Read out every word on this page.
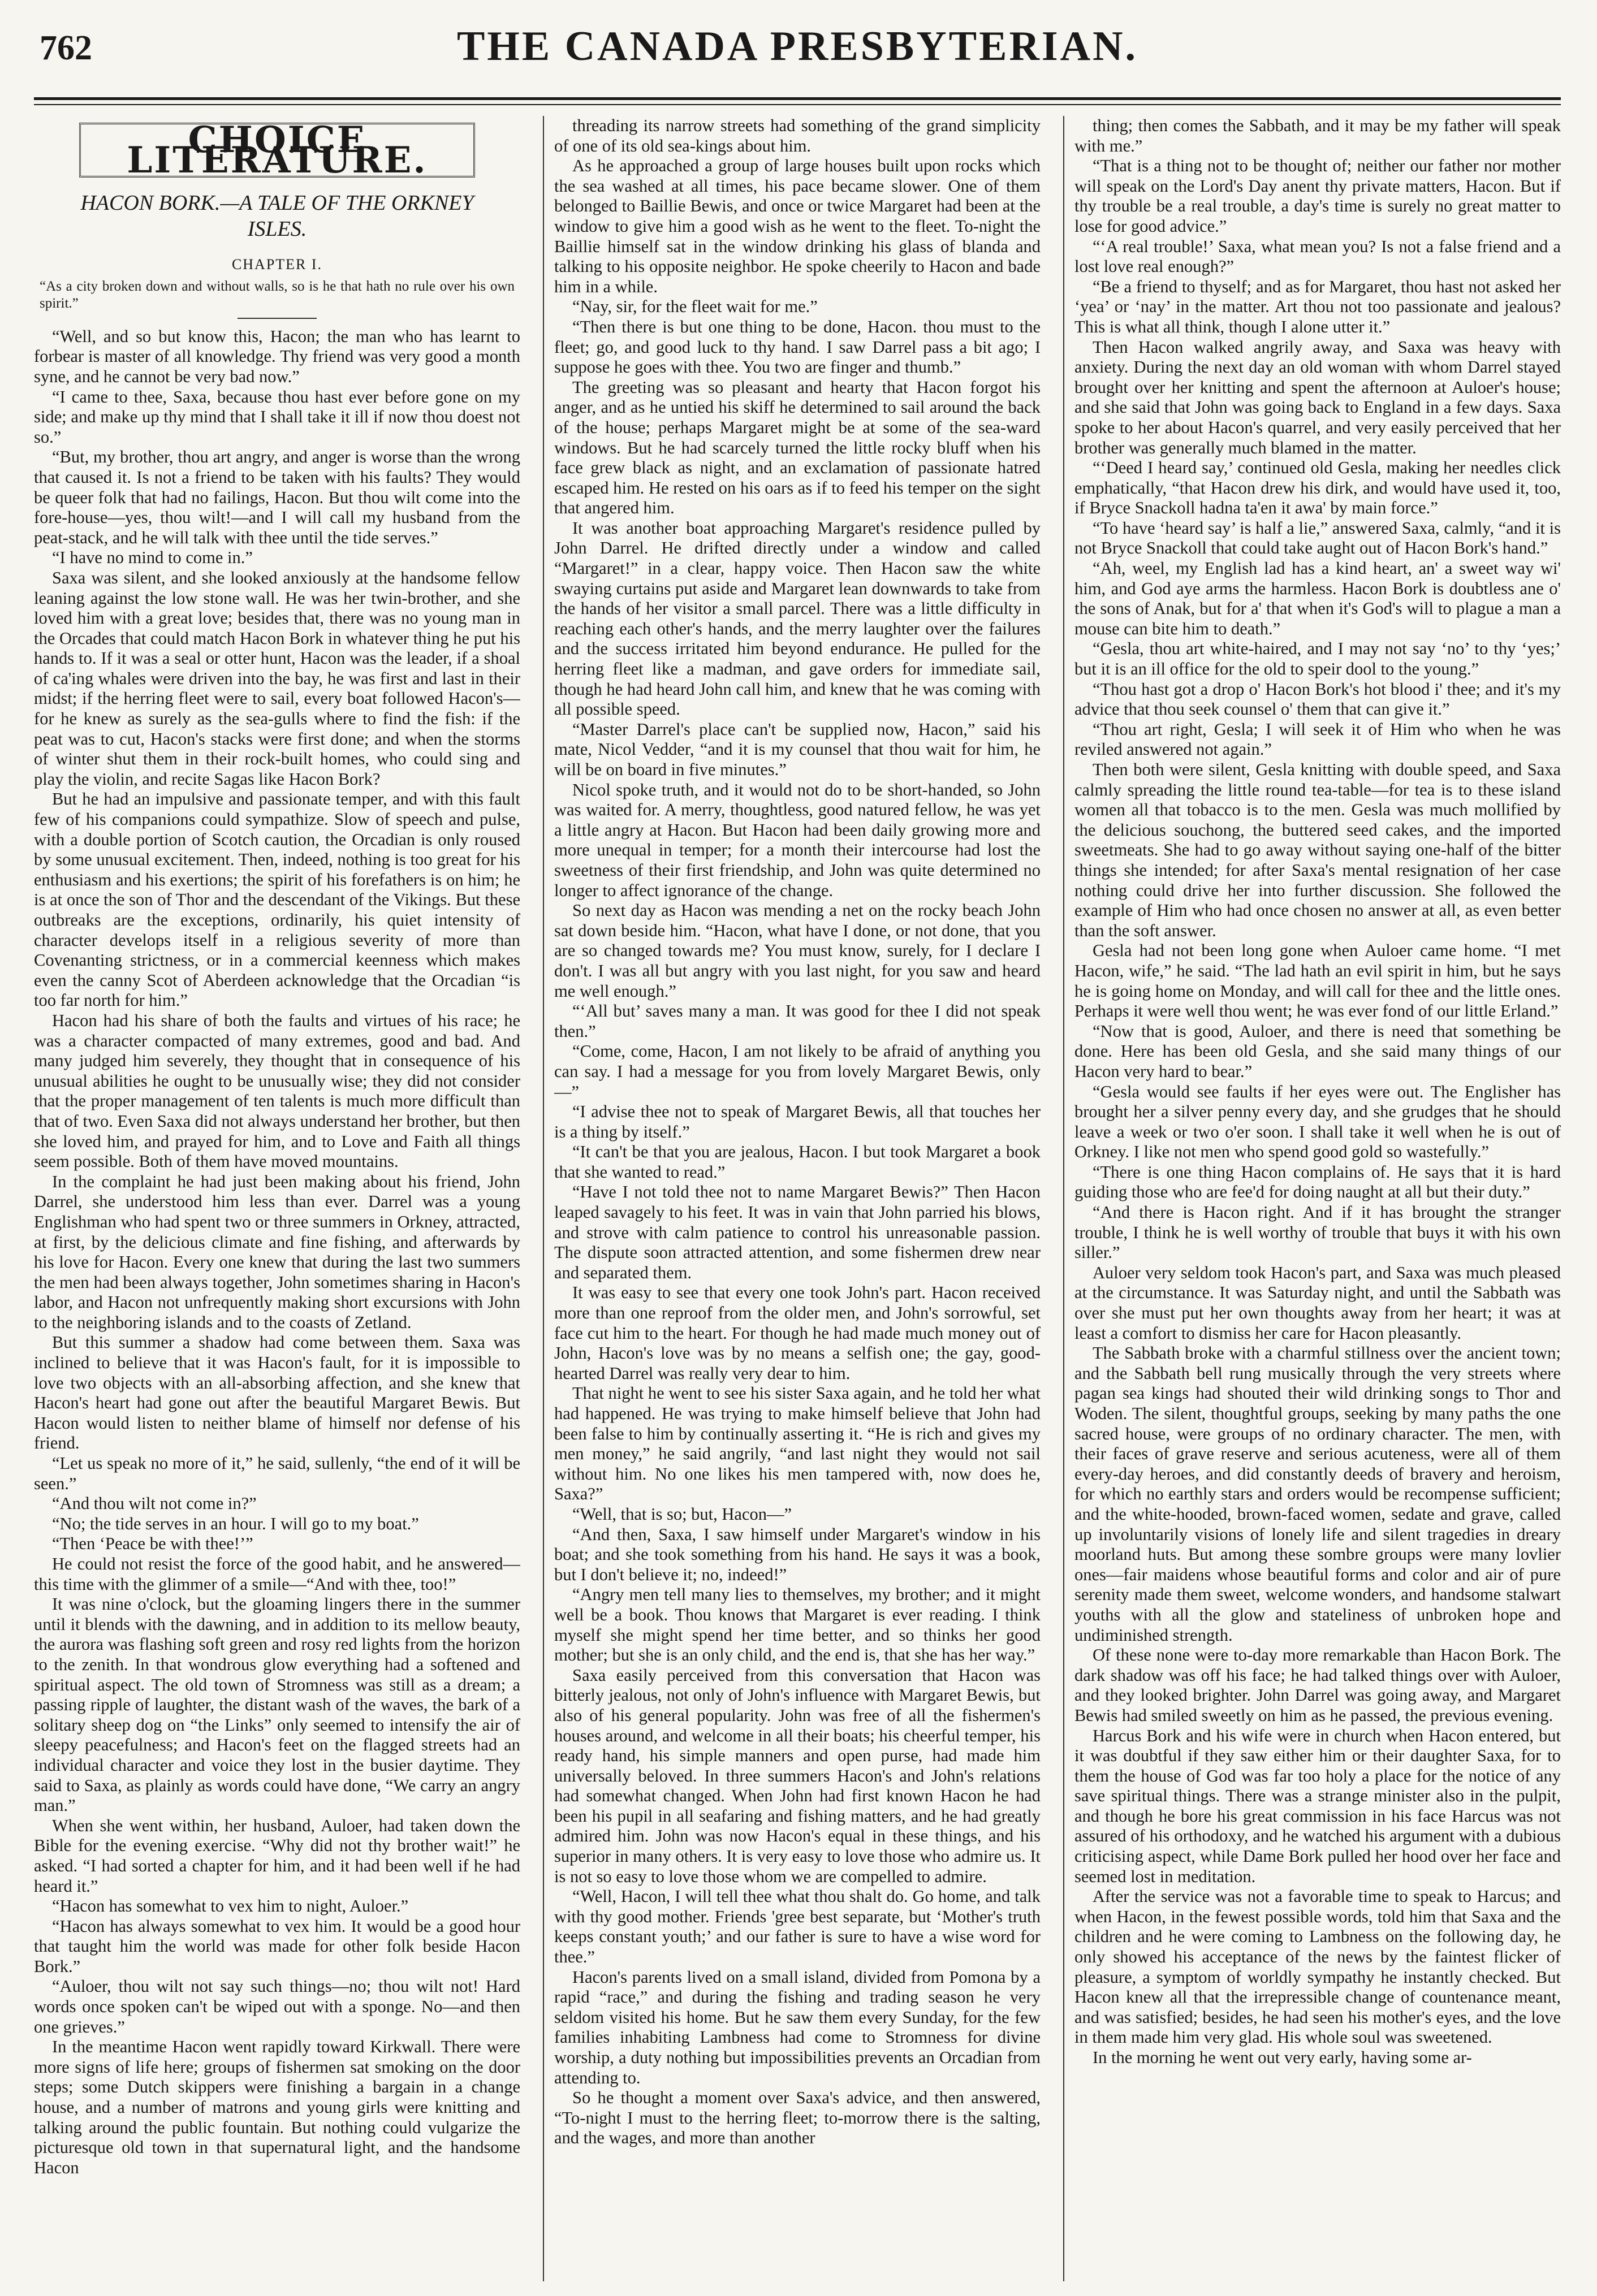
762	THE CANADA PRESBYTERIAN.
CHOICE LITERATURE.
HACON BORK.—A TALE OF THE ORKNEY ISLES.
CHAPTER I.
“As a city broken down and without walls, so is he that hath no rule over his own spirit.”

“Well, and so but know this, Hacon; the man who has learnt to forbear is master of all knowledge. Thy friend was very good a month syne, and he cannot be very bad now.”

“I came to thee, Saxa, because thou hast ever before gone on my side; and make up thy mind that I shall take it ill if now thou doest not so.”

“But, my brother, thou art angry, and anger is worse than the wrong that caused it. Is not a friend to be taken with his faults? They would be queer folk that had no failings, Hacon. But thou wilt come into the fore-house—yes, thou wilt!—and I will call my husband from the peat-stack, and he will talk with thee until the tide serves.”

“I have no mind to come in.”

Saxa was silent, and she looked anxiously at the handsome fellow leaning against the low stone wall. He was her twin-brother, and she loved him with a great love; besides that, there was no young man in the Orcades that could match Hacon Bork in whatever thing he put his hands to. If it was a seal or otter hunt, Hacon was the leader, if a shoal of ca'ing whales were driven into the bay, he was first and last in their midst; if the herring fleet were to sail, every boat followed Hacon's—for he knew as surely as the sea-gulls where to find the fish: if the peat was to cut, Hacon's stacks were first done; and when the storms of winter shut them in their rock-built homes, who could sing and play the violin, and recite Sagas like Hacon Bork?

But he had an impulsive and passionate temper, and with this fault few of his companions could sympathize. Slow of speech and pulse, with a double portion of Scotch caution, the Orcadian is only roused by some unusual excitement. Then, indeed, nothing is too great for his enthusiasm and his exertions; the spirit of his forefathers is on him; he is at once the son of Thor and the descendant of the Vikings. But these outbreaks are the exceptions, ordinarily, his quiet intensity of character develops itself in a religious severity of more than Covenanting strictness, or in a commercial keenness which makes even the canny Scot of Aberdeen acknowledge that the Orcadian “is too far north for him.”

Hacon had his share of both the faults and virtues of his race; he was a character compacted of many extremes, good and bad. And many judged him severely, they thought that in consequence of his unusual abilities he ought to be unusually wise; they did not consider that the proper management of ten talents is much more difficult than that of two. Even Saxa did not always understand her brother, but then she loved him, and prayed for him, and to Love and Faith all things seem possible. Both of them have moved mountains.

In the complaint he had just been making about his friend, John Darrel, she understood him less than ever. Darrel was a young Englishman who had spent two or three summers in Orkney, attracted, at first, by the delicious climate and fine fishing, and afterwards by his love for Hacon. Every one knew that during the last two summers the men had been always together, John sometimes sharing in Hacon's labor, and Hacon not unfrequently making short excursions with John to the neighboring islands and to the coasts of Zetland.

But this summer a shadow had come between them. Saxa was inclined to believe that it was Hacon's fault, for it is impossible to love two objects with an all-absorbing affection, and she knew that Hacon's heart had gone out after the beautiful Margaret Bewis. But Hacon would listen to neither blame of himself nor defense of his friend.

“Let us speak no more of it,” he said, sullenly, “the end of it will be seen.”

“And thou wilt not come in?”

“No; the tide serves in an hour. I will go to my boat.”

“Then ‘Peace be with thee!’”

He could not resist the force of the good habit, and he answered—this time with the glimmer of a smile—“And with thee, too!”

It was nine o'clock, but the gloaming lingers there in the summer until it blends with the dawning, and in addition to its mellow beauty, the aurora was flashing soft green and rosy red lights from the horizon to the zenith. In that wondrous glow everything had a softened and spiritual aspect. The old town of Stromness was still as a dream; a passing ripple of laughter, the distant wash of the waves, the bark of a solitary sheep dog on “the Links” only seemed to intensify the air of sleepy peacefulness; and Hacon's feet on the flagged streets had an individual character and voice they lost in the busier daytime. They said to Saxa, as plainly as words could have done, “We carry an angry man.”

When she went within, her husband, Auloer, had taken down the Bible for the evening exercise. “Why did not thy brother wait!” he asked. “I had sorted a chapter for him, and it had been well if he had heard it.”

“Hacon has somewhat to vex him to night, Auloer.”

“Hacon has always somewhat to vex him. It would be a good hour that taught him the world was made for other folk beside Hacon Bork.”

“Auloer, thou wilt not say such things—no; thou wilt not! Hard words once spoken can't be wiped out with a sponge. No—and then one grieves.”

In the meantime Hacon went rapidly toward Kirkwall. There were more signs of life here; groups of fishermen sat smoking on the door steps; some Dutch skippers were finishing a bargain in a change house, and a number of matrons and young girls were knitting and talking around the public fountain. But nothing could vulgarize the picturesque old town in that supernatural light, and the handsome Hacon

threading its narrow streets had something of the grand simplicity of one of its old sea-kings about him.

As he approached a group of large houses built upon rocks which the sea washed at all times, his pace became slower. One of them belonged to Baillie Bewis, and once or twice Margaret had been at the window to give him a good wish as he went to the fleet. To-night the Baillie himself sat in the window drinking his glass of blanda and talking to his opposite neighbor. He spoke cheerily to Hacon and bade him in a while.

“Nay, sir, for the fleet wait for me.”

“Then there is but one thing to be done, Hacon. thou must to the fleet; go, and good luck to thy hand. I saw Darrel pass a bit ago; I suppose he goes with thee. You two are finger and thumb.”

The greeting was so pleasant and hearty that Hacon forgot his anger, and as he untied his skiff he determined to sail around the back of the house; perhaps Margaret might be at some of the sea-ward windows. But he had scarcely turned the little rocky bluff when his face grew black as night, and an exclamation of passionate hatred escaped him. He rested on his oars as if to feed his temper on the sight that angered him.

It was another boat approaching Margaret's residence pulled by John Darrel. He drifted directly under a window and called “Margaret!” in a clear, happy voice. Then Hacon saw the white swaying curtains put aside and Margaret lean downwards to take from the hands of her visitor a small parcel. There was a little difficulty in reaching each other's hands, and the merry laughter over the failures and the success irritated him beyond endurance. He pulled for the herring fleet like a madman, and gave orders for immediate sail, though he had heard John call him, and knew that he was coming with all possible speed.

“Master Darrel's place can't be supplied now, Hacon,” said his mate, Nicol Vedder, “and it is my counsel that thou wait for him, he will be on board in five minutes.”

Nicol spoke truth, and it would not do to be short-handed, so John was waited for. A merry, thoughtless, good natured fellow, he was yet a little angry at Hacon. But Hacon had been daily growing more and more unequal in temper; for a month their intercourse had lost the sweetness of their first friendship, and John was quite determined no longer to affect ignorance of the change.

So next day as Hacon was mending a net on the rocky beach John sat down beside him. “Hacon, what have I done, or not done, that you are so changed towards me? You must know, surely, for I declare I don't. I was all but angry with you last night, for you saw and heard me well enough.”

“‘All but’ saves many a man. It was good for thee I did not speak then.”

“Come, come, Hacon, I am not likely to be afraid of anything you can say. I had a message for you from lovely Margaret Bewis, only—”

“I advise thee not to speak of Margaret Bewis, all that touches her is a thing by itself.”

“It can't be that you are jealous, Hacon. I but took Margaret a book that she wanted to read.”

“Have I not told thee not to name Margaret Bewis?” Then Hacon leaped savagely to his feet. It was in vain that John parried his blows, and strove with calm patience to control his unreasonable passion. The dispute soon attracted attention, and some fishermen drew near and separated them.

It was easy to see that every one took John's part. Hacon received more than one reproof from the older men, and John's sorrowful, set face cut him to the heart. For though he had made much money out of John, Hacon's love was by no means a selfish one; the gay, good-hearted Darrel was really very dear to him.

That night he went to see his sister Saxa again, and he told her what had happened. He was trying to make himself believe that John had been false to him by continually asserting it. “He is rich and gives my men money,” he said angrily, “and last night they would not sail without him. No one likes his men tampered with, now does he, Saxa?”

“Well, that is so; but, Hacon—”

“And then, Saxa, I saw himself under Margaret's window in his boat; and she took something from his hand. He says it was a book, but I don't believe it; no, indeed!”

“Angry men tell many lies to themselves, my brother; and it might well be a book. Thou knows that Margaret is ever reading. I think myself she might spend her time better, and so thinks her good mother; but she is an only child, and the end is, that she has her way.”

Saxa easily perceived from this conversation that Hacon was bitterly jealous, not only of John's influence with Margaret Bewis, but also of his general popularity. John was free of all the fishermen's houses around, and welcome in all their boats; his cheerful temper, his ready hand, his simple manners and open purse, had made him universally beloved. In three summers Hacon's and John's relations had somewhat changed. When John had first known Hacon he had been his pupil in all seafaring and fishing matters, and he had greatly admired him. John was now Hacon's equal in these things, and his superior in many others. It is very easy to love those who admire us. It is not so easy to love those whom we are compelled to admire.

“Well, Hacon, I will tell thee what thou shalt do. Go home, and talk with thy good mother. Friends 'gree best separate, but ‘Mother's truth keeps constant youth;’ and our father is sure to have a wise word for thee.”

Hacon's parents lived on a small island, divided from Pomona by a rapid “race,” and during the fishing and trading season he very seldom visited his home. But he saw them every Sunday, for the few families inhabiting Lambness had come to Stromness for divine worship, a duty nothing but impossibilities prevents an Orcadian from attending to.

So he thought a moment over Saxa's advice, and then answered, “To-night I must to the herring fleet; to-morrow there is the salting, and the wages, and more than another

thing; then comes the Sabbath, and it may be my father will speak with me.”

“That is a thing not to be thought of; neither our father nor mother will speak on the Lord's Day anent thy private matters, Hacon. But if thy trouble be a real trouble, a day's time is surely no great matter to lose for good advice.”

“‘A real trouble!’ Saxa, what mean you? Is not a false friend and a lost love real enough?”

“Be a friend to thyself; and as for Margaret, thou hast not asked her ‘yea’ or ‘nay’ in the matter. Art thou not too passionate and jealous? This is what all think, though I alone utter it.”

Then Hacon walked angrily away, and Saxa was heavy with anxiety. During the next day an old woman with whom Darrel stayed brought over her knitting and spent the afternoon at Auloer's house; and she said that John was going back to England in a few days. Saxa spoke to her about Hacon's quarrel, and very easily perceived that her brother was generally much blamed in the matter.

“‘Deed I heard say,’ continued old Gesla, making her needles click emphatically, “that Hacon drew his dirk, and would have used it, too, if Bryce Snackoll hadna ta'en it awa' by main force.”

“To have ‘heard say’ is half a lie,” answered Saxa, calmly, “and it is not Bryce Snackoll that could take aught out of Hacon Bork's hand.”

“Ah, weel, my English lad has a kind heart, an' a sweet way wi' him, and God aye arms the harmless. Hacon Bork is doubtless ane o' the sons of Anak, but for a' that when it's God's will to plague a man a mouse can bite him to death.”

“Gesla, thou art white-haired, and I may not say ‘no’ to thy ‘yes;’ but it is an ill office for the old to speir dool to the young.”

“Thou hast got a drop o' Hacon Bork's hot blood i' thee; and it's my advice that thou seek counsel o' them that can give it.”

“Thou art right, Gesla; I will seek it of Him who when he was reviled answered not again.”

Then both were silent, Gesla knitting with double speed, and Saxa calmly spreading the little round tea-table—for tea is to these island women all that tobacco is to the men. Gesla was much mollified by the delicious souchong, the buttered seed cakes, and the imported sweetmeats. She had to go away without saying one-half of the bitter things she intended; for after Saxa's mental resignation of her case nothing could drive her into further discussion. She followed the example of Him who had once chosen no answer at all, as even better than the soft answer.

Gesla had not been long gone when Auloer came home. “I met Hacon, wife,” he said. “The lad hath an evil spirit in him, but he says he is going home on Monday, and will call for thee and the little ones. Perhaps it were well thou went; he was ever fond of our little Erland.”

“Now that is good, Auloer, and there is need that something be done. Here has been old Gesla, and she said many things of our Hacon very hard to bear.”

“Gesla would see faults if her eyes were out. The Englisher has brought her a silver penny every day, and she grudges that he should leave a week or two o'er soon. I shall take it well when he is out of Orkney. I like not men who spend good gold so wastefully.”

“There is one thing Hacon complains of. He says that it is hard guiding those who are fee'd for doing naught at all but their duty.”

“And there is Hacon right. And if it has brought the stranger trouble, I think he is well worthy of trouble that buys it with his own siller.”

Auloer very seldom took Hacon's part, and Saxa was much pleased at the circumstance. It was Saturday night, and until the Sabbath was over she must put her own thoughts away from her heart; it was at least a comfort to dismiss her care for Hacon pleasantly.

The Sabbath broke with a charmful stillness over the ancient town; and the Sabbath bell rung musically through the very streets where pagan sea kings had shouted their wild drinking songs to Thor and Woden. The silent, thoughtful groups, seeking by many paths the one sacred house, were groups of no ordinary character. The men, with their faces of grave reserve and serious acuteness, were all of them every-day heroes, and did constantly deeds of bravery and heroism, for which no earthly stars and orders would be recompense sufficient; and the white-hooded, brown-faced women, sedate and grave, called up involuntarily visions of lonely life and silent tragedies in dreary moorland huts. But among these sombre groups were many lovlier ones—fair maidens whose beautiful forms and color and air of pure serenity made them sweet, welcome wonders, and handsome stalwart youths with all the glow and stateliness of unbroken hope and undiminished strength.

Of these none were to-day more remarkable than Hacon Bork. The dark shadow was off his face; he had talked things over with Auloer, and they looked brighter. John Darrel was going away, and Margaret Bewis had smiled sweetly on him as he passed, the previous evening.

Harcus Bork and his wife were in church when Hacon entered, but it was doubtful if they saw either him or their daughter Saxa, for to them the house of God was far too holy a place for the notice of any save spiritual things. There was a strange minister also in the pulpit, and though he bore his great commission in his face Harcus was not assured of his orthodoxy, and he watched his argument with a dubious criticising aspect, while Dame Bork pulled her hood over her face and seemed lost in meditation.

After the service was not a favorable time to speak to Harcus; and when Hacon, in the fewest possible words, told him that Saxa and the children and he were coming to Lambness on the following day, he only showed his acceptance of the news by the faintest flicker of pleasure, a symptom of worldly sympathy he instantly checked. But Hacon knew all that the irrepressible change of countenance meant, and was satisfied; besides, he had seen his mother's eyes, and the love in them made him very glad. His whole soul was sweetened.

In the morning he went out very early, having some ar-
